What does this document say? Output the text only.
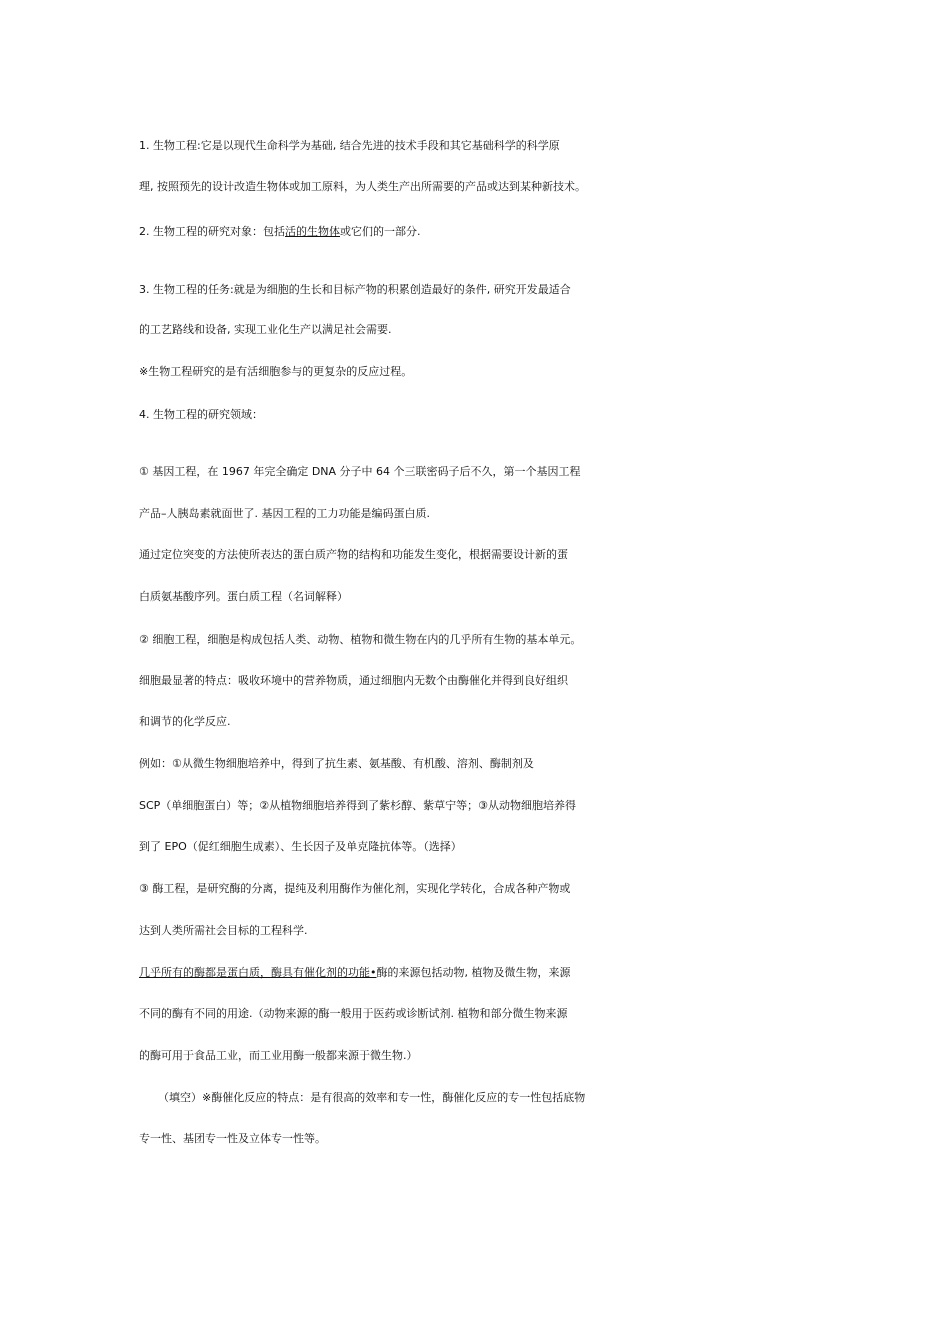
1. 生物工程:它是以现代生命科学为基础, 结合先进的技术手段和其它基础科学的科学原
理, 按照预先的设计改造生物体或加工原料，为人类生产出所需要的产品或达到某种新技术。
2. 生物工程的研究对象：包括活的生物体或它们的一部分.
3. 生物工程的任务:就是为细胞的生长和目标产物的积累创造最好的条件, 研究开发最适合
的工艺路线和设备, 实现工业化生产以满足社会需要.
※生物工程研究的是有活细胞参与的更复杂的反应过程。
4. 生物工程的研究领域：
① 基因工程，在 1967 年完全确定 DNA 分子中 64 个三联密码子后不久，第一个基因工程
产品–人胰岛素就面世了. 基因工程的工力功能是编码蛋白质.
通过定位突变的方法使所表达的蛋白质产物的结构和功能发生变化，根据需要设计新的蛋
白质氨基酸序列。蛋白质工程（名词解释）
② 细胞工程，细胞是构成包括人类、动物、植物和微生物在内的几乎所有生物的基本单元。
细胞最显著的特点：吸收环境中的营养物质，通过细胞内无数个由酶催化并得到良好组织
和调节的化学反应.
例如：①从微生物细胞培养中，得到了抗生素、氨基酸、有机酸、溶剂、酶制剂及
SCP（单细胞蛋白）等；②从植物细胞培养得到了紫杉醇、紫草宁等；③从动物细胞培养得
到了 EPO（促红细胞生成素）、生长因子及单克隆抗体等。（选择）
③ 酶工程，是研究酶的分离，提纯及利用酶作为催化剂，实现化学转化，合成各种产物或
达到人类所需社会目标的工程科学.
几乎所有的酶都是蛋白质，酶具有催化剂的功能•酶的来源包括动物, 植物及微生物，来源
不同的酶有不同的用途.（动物来源的酶一般用于医药或诊断试剂. 植物和部分微生物来源
的酶可用于食品工业，而工业用酶一般都来源于微生物.）
（填空）※酶催化反应的特点：是有很高的效率和专一性，酶催化反应的专一性包括底物
专一性、基团专一性及立体专一性等。
